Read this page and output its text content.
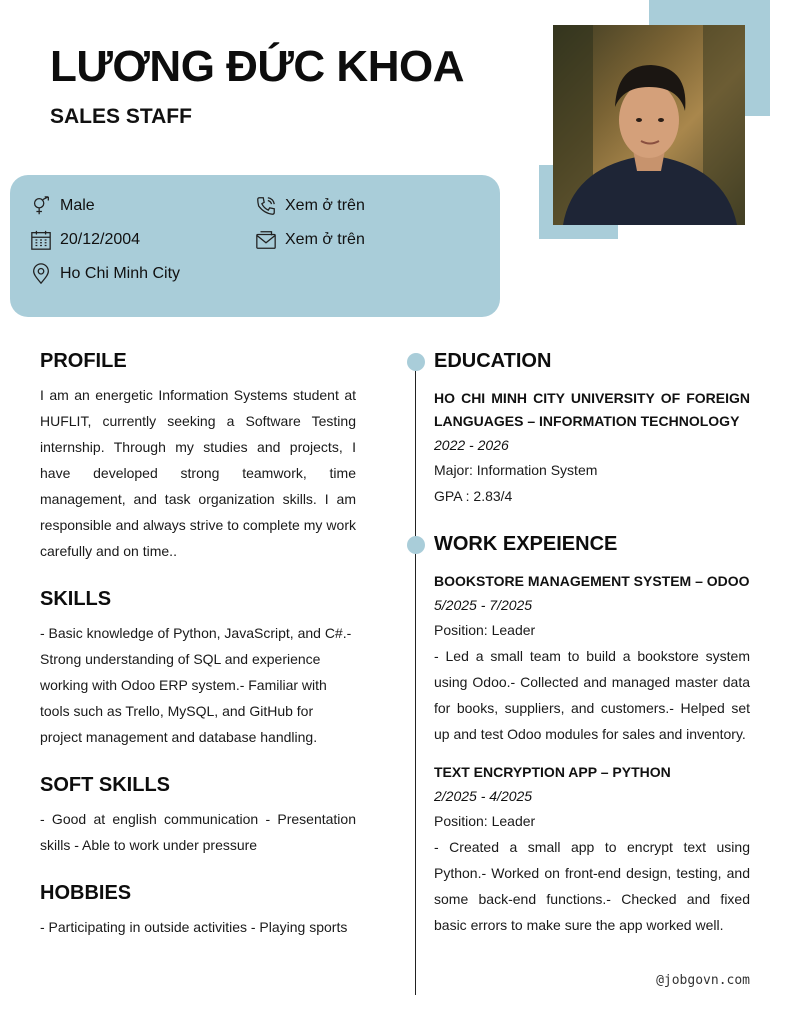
LƯƠNG ĐỨC KHOA
SALES STAFF
Male
20/12/2004
Ho Chi Minh City
Xem ở trên
Xem ở trên
PROFILE

I am an energetic Information Systems student at HUFLIT, currently seeking a Software Testing internship. Through my studies and projects, I have developed strong teamwork, time management, and task organization skills. I am responsible and always strive to complete my work carefully and on time..

SKILLS

- Basic knowledge of Python, JavaScript, and C#.- Strong understanding of SQL and experience working with Odoo ERP system.- Familiar with tools such as Trello, MySQL, and GitHub for project management and database handling.

SOFT SKILLS

- Good at english communication - Presentation skills - Able to work under pressure

HOBBIES

- Participating in outside activities - Playing sports

EDUCATION

HO CHI MINH CITY UNIVERSITY OF FOREIGN LANGUAGES – INFORMATION TECHNOLOGY

2022 - 2026

Major: Information System

GPA : 2.83/4

WORK EXPEIENCE

BOOKSTORE MANAGEMENT SYSTEM – ODOO

5/2025 - 7/2025

Position: Leader

- Led a small team to build a bookstore system using Odoo.- Collected and managed master data for books, suppliers, and customers.- Helped set up and test Odoo modules for sales and inventory.

TEXT ENCRYPTION APP – PYTHON

2/2025 - 4/2025

Position: Leader

- Created a small app to encrypt text using Python.- Worked on front-end design, testing, and some back-end functions.- Checked and fixed basic errors to make sure the app worked well.

@jobgovn.com
